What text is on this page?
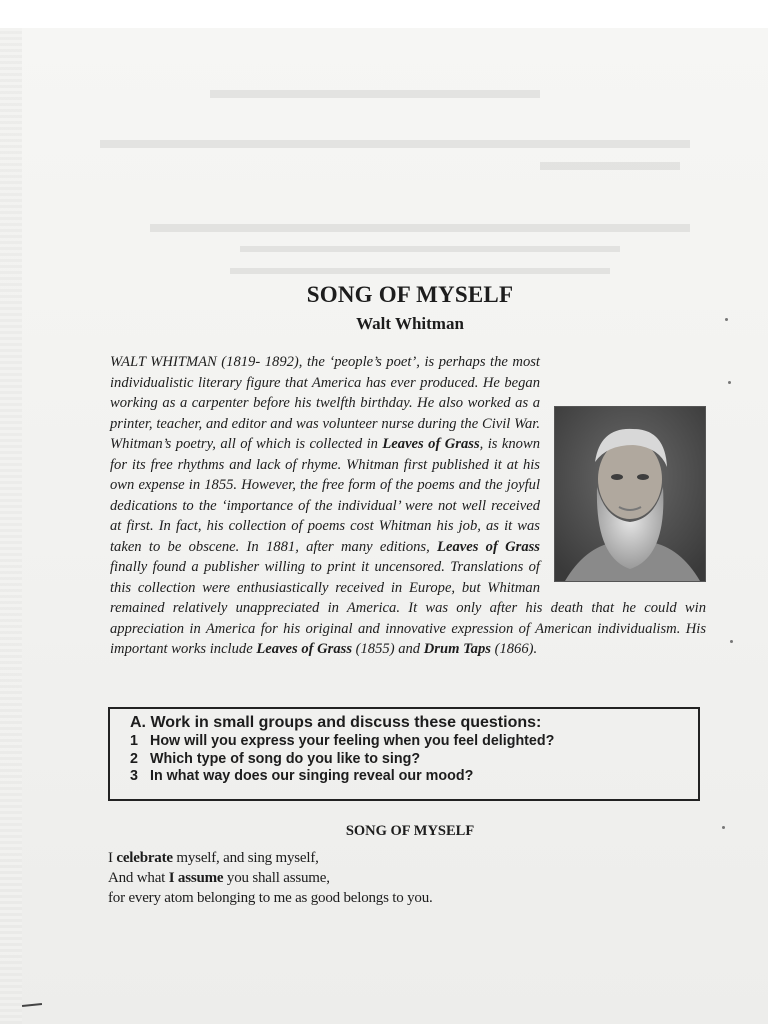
SONG OF MYSELF
Walt Whitman
WALT WHITMAN (1819- 1892), the ‘people’s poet’, is perhaps the most individualistic literary figure that America has ever produced. He began working as a carpenter before his twelfth birthday. He also worked as a printer, teacher, and editor and was volunteer nurse during the Civil War. Whitman’s poetry, all of which is collected in Leaves of Grass, is known for its free rhythms and lack of rhyme. Whitman first published it at his own expense in 1855. However, the free form of the poems and the joyful dedications to the ‘importance of the individual’ were not well received at first. In fact, his collection of poems cost Whitman his job, as it was taken to be obscene. In 1881, after many editions, Leaves of Grass finally found a publisher willing to print it uncensored. Translations of this collection were enthusiastically received in Europe, but Whitman remained relatively unappreciated in America. It was only after his death that he could win appreciation in America for his original and innovative expression of American individualism. His important works include Leaves of Grass (1855) and Drum Taps (1866).
A. Work in small groups and discuss these questions:
1 How will you express your feeling when you feel delighted?
2 Which type of song do you like to sing?
3 In what way does our singing reveal our mood?
SONG OF MYSELF
I celebrate myself, and sing myself,
And what I assume you shall assume,
for every atom belonging to me as good belongs to you.
